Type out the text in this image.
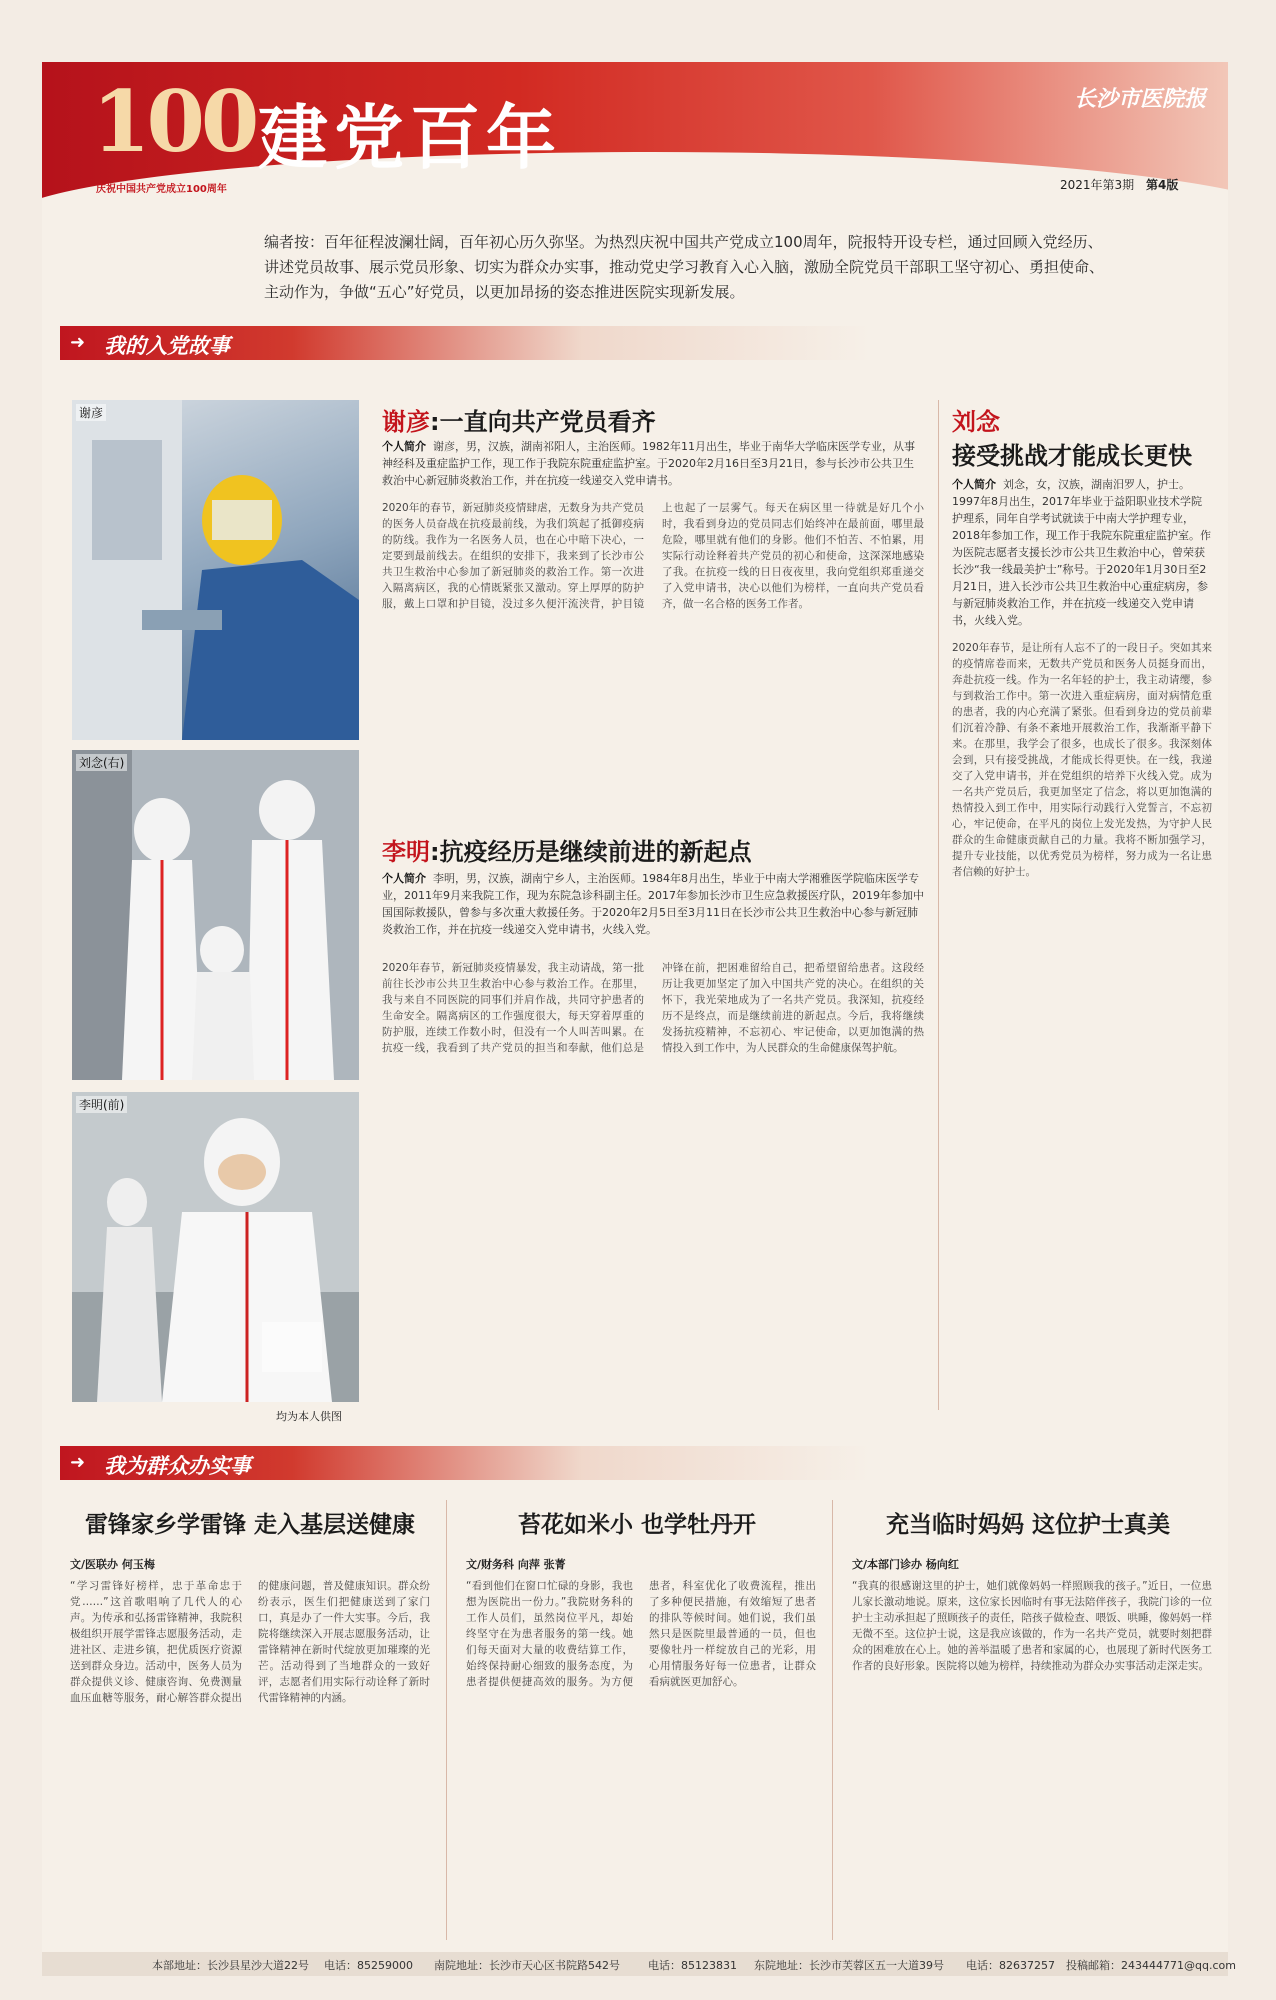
100 建党百年	长沙市医院报
庆祝中国共产党成立100周年	2021年第3期 第4版
编者按：百年征程波澜壮阔，百年初心历久弥坚。为热烈庆祝中国共产党成立100周年，院报特开设专栏，通过回顾入党经历、讲述党员故事、展示党员形象、切实为群众办实事，推动党史学习教育入心入脑，激励全院党员干部职工坚守初心、勇担使命、主动作为，争做“五心”好党员，以更加昂扬的姿态推进医院实现新发展。
➜ 我的入党故事
谢彦
刘念(右)
李明(前)
均为本人供图
谢彦:一直向共产党员看齐
个人简介 谢彦，男，汉族，湖南祁阳人，主治医师。1982年11月出生，毕业于南华大学临床医学专业，从事神经科及重症监护工作，现工作于我院东院重症监护室。于2020年2月16日至3月21日，参与长沙市公共卫生救治中心新冠肺炎救治工作，并在抗疫一线递交入党申请书。
2020年的春节，新冠肺炎疫情肆虐，无数身为共产党员的医务人员奋战在抗疫最前线，为我们筑起了抵御疫病的防线。我作为一名医务人员，也在心中暗下决心，一定要到最前线去。在组织的安排下，我来到了长沙市公共卫生救治中心参加了新冠肺炎的救治工作。第一次进入隔离病区，我的心情既紧张又激动。穿上厚厚的防护服，戴上口罩和护目镜，没过多久便汗流浃背，护目镜上也起了一层雾气。每天在病区里一待就是好几个小时，我看到身边的党员同志们始终冲在最前面，哪里最危险，哪里就有他们的身影。他们不怕苦、不怕累，用实际行动诠释着共产党员的初心和使命，这深深地感染了我。在抗疫一线的日日夜夜里，我向党组织郑重递交了入党申请书，决心以他们为榜样，一直向共产党员看齐，做一名合格的医务工作者。
李明:抗疫经历是继续前进的新起点
个人简介 李明，男，汉族，湖南宁乡人，主治医师。1984年8月出生，毕业于中南大学湘雅医学院临床医学专业，2011年9月来我院工作，现为东院急诊科副主任。2017年参加长沙市卫生应急救援医疗队，2019年参加中国国际救援队，曾参与多次重大救援任务。于2020年2月5日至3月11日在长沙市公共卫生救治中心参与新冠肺炎救治工作，并在抗疫一线递交入党申请书，火线入党。
2020年春节，新冠肺炎疫情暴发，我主动请战，第一批前往长沙市公共卫生救治中心参与救治工作。在那里，我与来自不同医院的同事们并肩作战，共同守护患者的生命安全。隔离病区的工作强度很大，每天穿着厚重的防护服，连续工作数小时，但没有一个人叫苦叫累。在抗疫一线，我看到了共产党员的担当和奉献，他们总是冲锋在前，把困难留给自己，把希望留给患者。这段经历让我更加坚定了加入中国共产党的决心。在组织的关怀下，我光荣地成为了一名共产党员。我深知，抗疫经历不是终点，而是继续前进的新起点。今后，我将继续发扬抗疫精神，不忘初心、牢记使命，以更加饱满的热情投入到工作中，为人民群众的生命健康保驾护航。
刘念
接受挑战才能成长更快
个人简介 刘念，女，汉族，湖南汨罗人，护士。1997年8月出生，2017年毕业于益阳职业技术学院护理系，同年自学考试就读于中南大学护理专业，2018年参加工作，现工作于我院东院重症监护室。作为医院志愿者支援长沙市公共卫生救治中心，曾荣获长沙“我一线最美护士”称号。于2020年1月30日至2月21日，进入长沙市公共卫生救治中心重症病房，参与新冠肺炎救治工作，并在抗疫一线递交入党申请书，火线入党。
2020年春节，是让所有人忘不了的一段日子。突如其来的疫情席卷而来，无数共产党员和医务人员挺身而出，奔赴抗疫一线。作为一名年轻的护士，我主动请缨，参与到救治工作中。第一次进入重症病房，面对病情危重的患者，我的内心充满了紧张。但看到身边的党员前辈们沉着冷静、有条不紊地开展救治工作，我渐渐平静下来。在那里，我学会了很多，也成长了很多。我深刻体会到，只有接受挑战，才能成长得更快。在一线，我递交了入党申请书，并在党组织的培养下火线入党。成为一名共产党员后，我更加坚定了信念，将以更加饱满的热情投入到工作中，用实际行动践行入党誓言，不忘初心，牢记使命，在平凡的岗位上发光发热，为守护人民群众的生命健康贡献自己的力量。我将不断加强学习，提升专业技能，以优秀党员为榜样，努力成为一名让患者信赖的好护士。
➜ 我为群众办实事
雷锋家乡学雷锋 走入基层送健康
文/医联办 何玉梅
“学习雷锋好榜样，忠于革命忠于党……”这首歌唱响了几代人的心声。为传承和弘扬雷锋精神，我院积极组织开展学雷锋志愿服务活动，走进社区、走进乡镇，把优质医疗资源送到群众身边。活动中，医务人员为群众提供义诊、健康咨询、免费测量血压血糖等服务，耐心解答群众提出的健康问题，普及健康知识。群众纷纷表示，医生们把健康送到了家门口，真是办了一件大实事。今后，我院将继续深入开展志愿服务活动，让雷锋精神在新时代绽放更加璀璨的光芒。活动得到了当地群众的一致好评，志愿者们用实际行动诠释了新时代雷锋精神的内涵。
苔花如米小 也学牡丹开
文/财务科 向萍 张菁
“看到他们在窗口忙碌的身影，我也想为医院出一份力。”我院财务科的工作人员们，虽然岗位平凡，却始终坚守在为患者服务的第一线。她们每天面对大量的收费结算工作，始终保持耐心细致的服务态度，为患者提供便捷高效的服务。为方便患者，科室优化了收费流程，推出了多种便民措施，有效缩短了患者的排队等候时间。她们说，我们虽然只是医院里最普通的一员，但也要像牡丹一样绽放自己的光彩，用心用情服务好每一位患者，让群众看病就医更加舒心。
充当临时妈妈 这位护士真美
文/本部门诊办 杨向红
“我真的很感谢这里的护士，她们就像妈妈一样照顾我的孩子。”近日，一位患儿家长激动地说。原来，这位家长因临时有事无法陪伴孩子，我院门诊的一位护士主动承担起了照顾孩子的责任，陪孩子做检查、喂饭、哄睡，像妈妈一样无微不至。这位护士说，这是我应该做的，作为一名共产党员，就要时刻把群众的困难放在心上。她的善举温暖了患者和家属的心，也展现了新时代医务工作者的良好形象。医院将以她为榜样，持续推动为群众办实事活动走深走实。
本部地址：长沙县星沙大道22号 电话：85259000 南院地址：长沙市天心区书院路542号	电话：85123831 东院地址：长沙市芙蓉区五一大道39号 电话：82637257 投稿邮箱：243444771@qq.com
